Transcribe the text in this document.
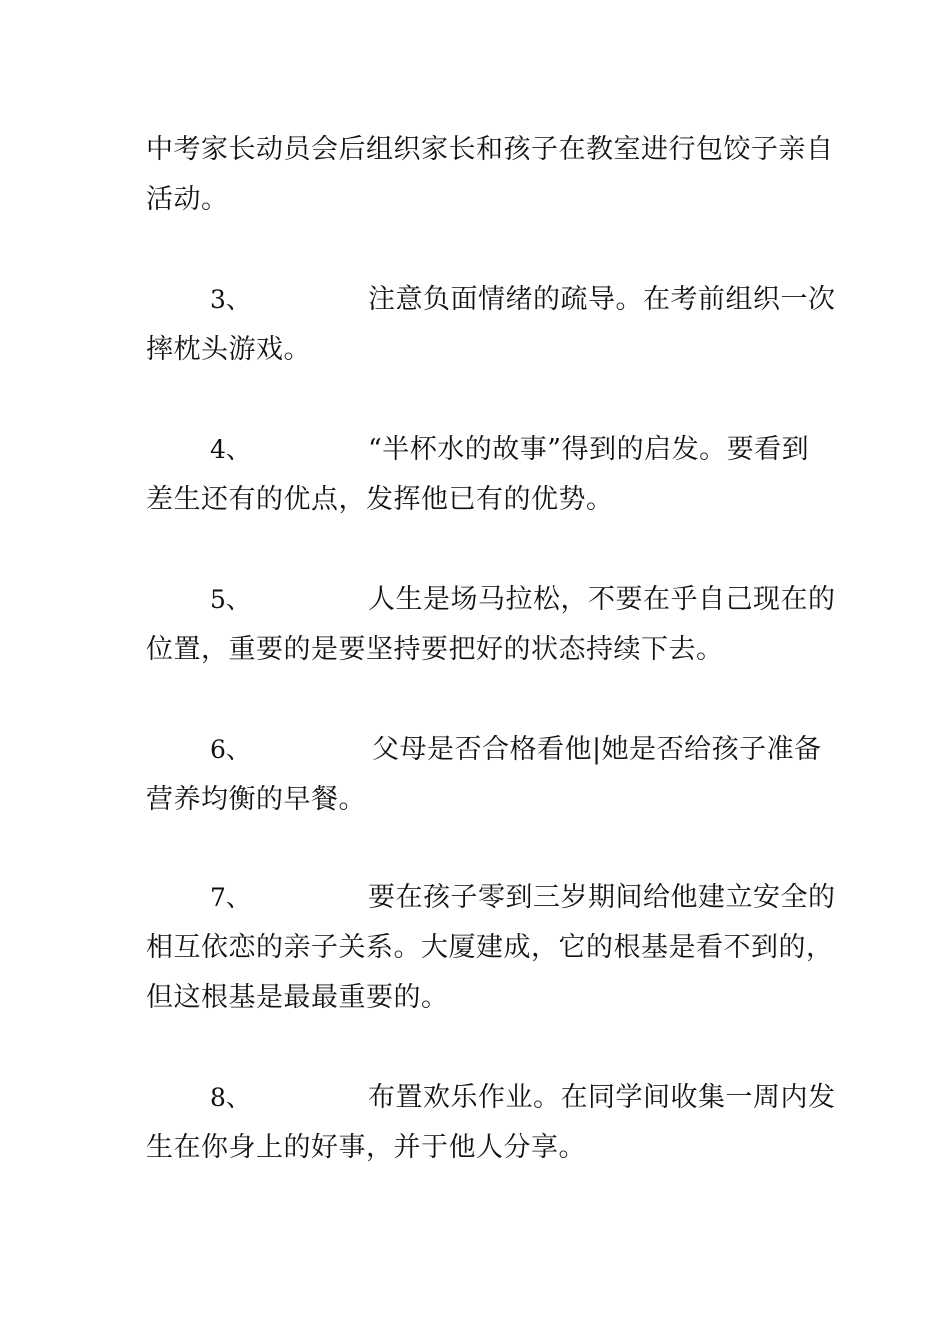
中考家长动员会后组织家长和孩子在教室进行包饺子亲自
活动。
3、	注意负面情绪的疏导。在考前组织一次
摔枕头游戏。
4、	“半杯水的故事”得到的启发。要看到
差生还有的优点，发挥他已有的优势。
5、	人生是场马拉松，不要在乎自己现在的
位置，重要的是要坚持要把好的状态持续下去。
6、	父母是否合格看他|她是否给孩子准备
营养均衡的早餐。
7、	要在孩子零到三岁期间给他建立安全的
相互依恋的亲子关系。大厦建成，它的根基是看不到的，
但这根基是最最重要的。
8、	布置欢乐作业。在同学间收集一周内发
生在你身上的好事，并于他人分享。
